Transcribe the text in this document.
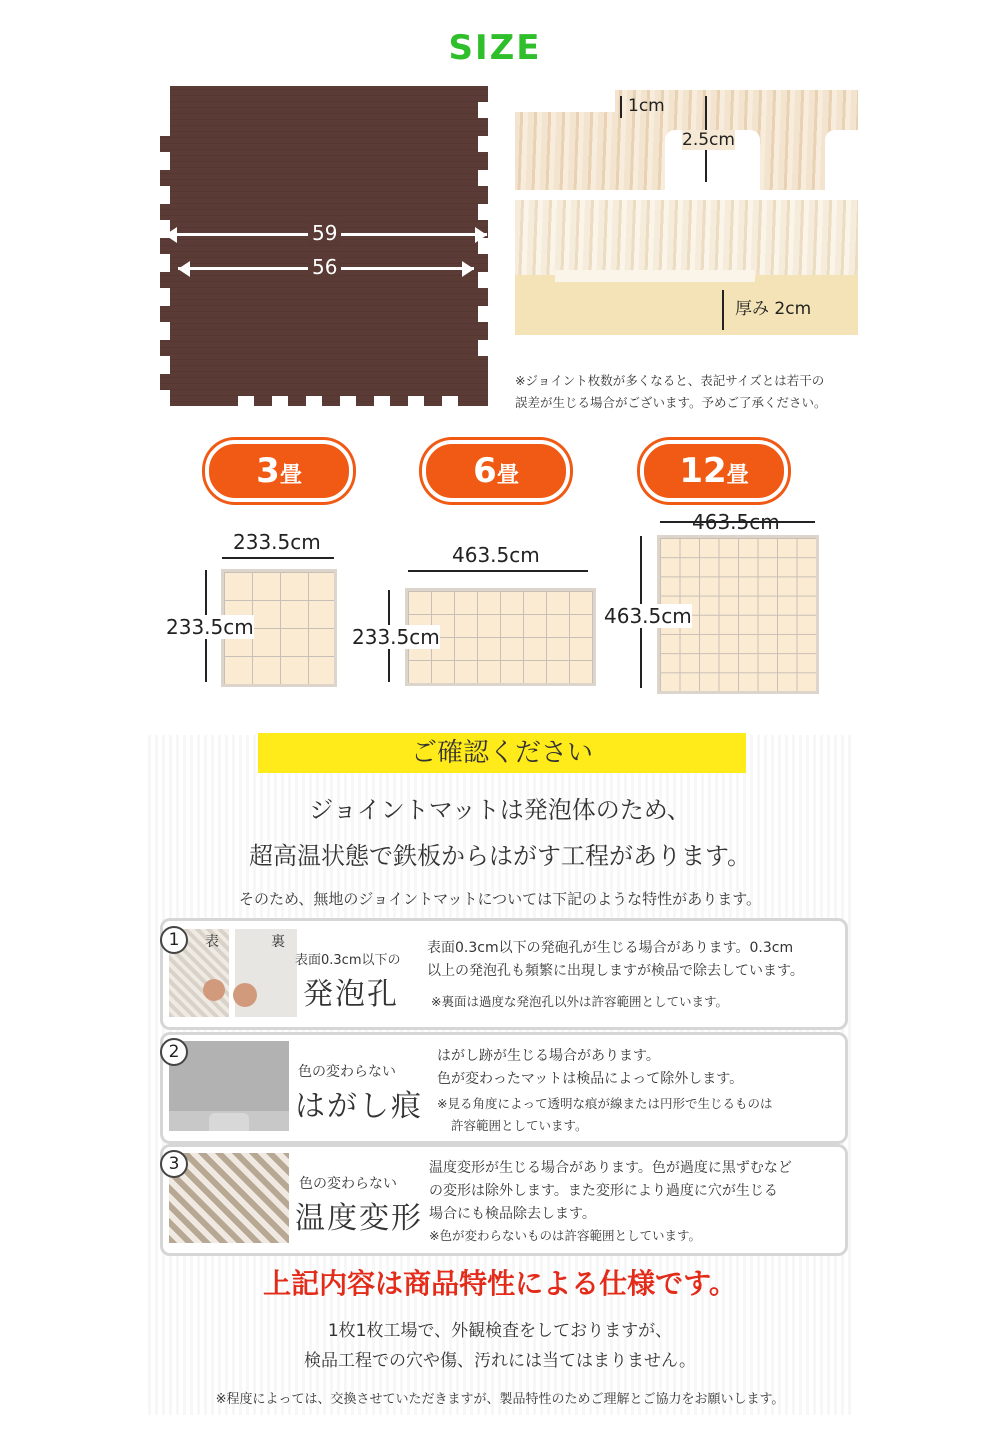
SIZE
59
56
1cm
2.5cm
厚み 2cm
※ジョイント枚数が多くなると、表記サイズとは若干の
誤差が生じる場合がございます。予めご了承ください。
3畳	6畳	12畳
233.5cm
233.5cm
463.5cm
233.5cm
463.5cm
463.5cm
ご確認ください
ジョイントマットは発泡体のため、
超高温状態で鉄板からはがす工程があります。
そのため、無地のジョイントマットについては下記のような特性があります。
表	裏
表面0.3cm以下の
発泡孔
表面0.3cm以下の発砲孔が生じる場合があります。0.3cm
以上の発泡孔も頻繁に出現しますが検品で除去しています。
※裏面は過度な発泡孔以外は許容範囲としています。
1
色の変わらない
はがし痕
はがし跡が生じる場合があります。
色が変わったマットは検品によって除外します。
※見る角度によって透明な痕が線または円形で生じるものは
許容範囲としています。
2
色の変わらない
温度変形
温度変形が生じる場合があります。色が過度に黒ずむなど
の変形は除外します。また変形により過度に穴が生じる
場合にも検品除去します。
※色が変わらないものは許容範囲としています。
3
上記内容は商品特性による仕様です。
1枚1枚工場で、外観検査をしておりますが、
検品工程での穴や傷、汚れには当てはまりません。
※程度によっては、交換させていただきますが、製品特性のためご理解とご協力をお願いします。
